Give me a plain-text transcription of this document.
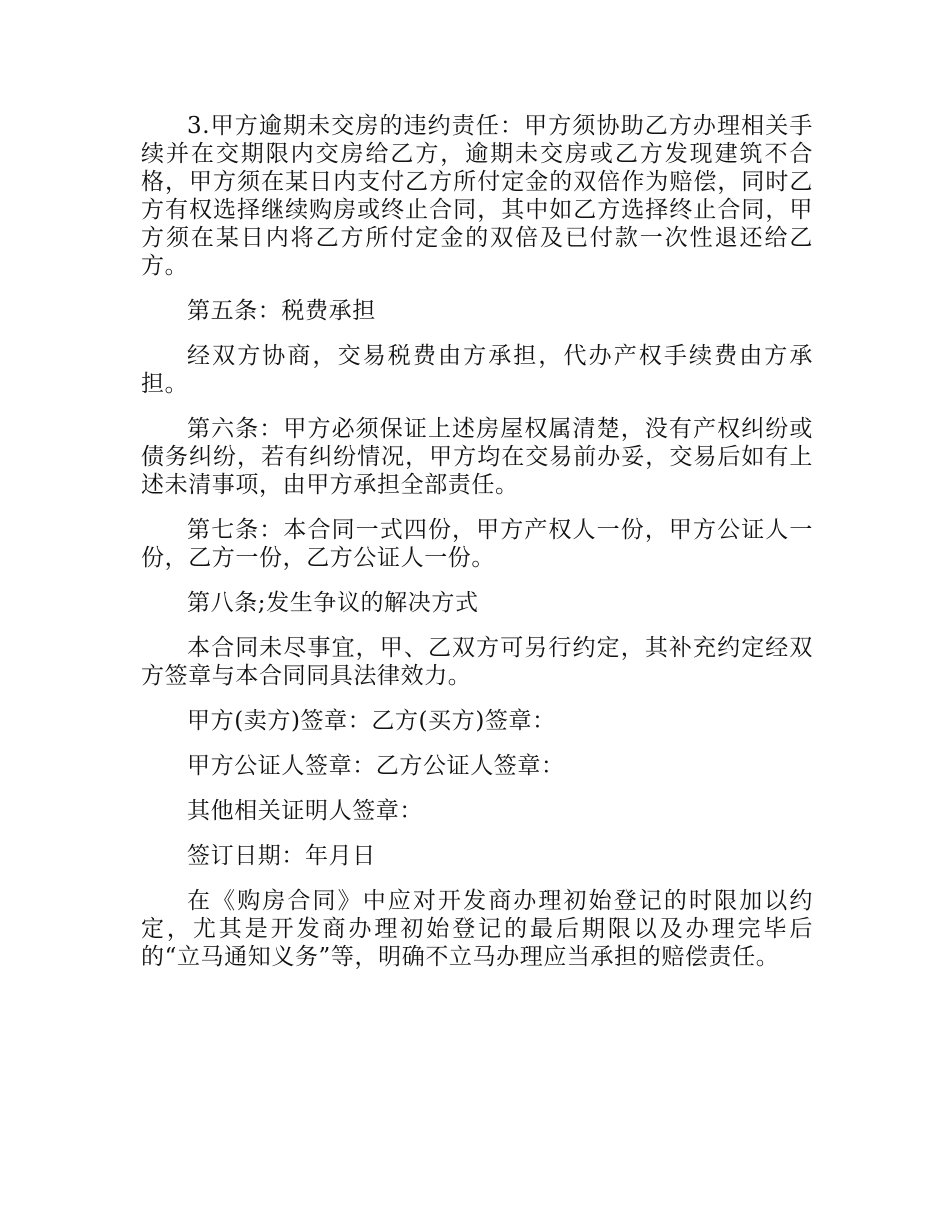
3.甲方逾期未交房的违约责任：甲方须协助乙方办理相关手续并在交期限内交房给乙方，逾期未交房或乙方发现建筑不合格，甲方须在某日内支付乙方所付定金的双倍作为赔偿，同时乙方有权选择继续购房或终止合同，其中如乙方选择终止合同，甲方须在某日内将乙方所付定金的双倍及已付款一次性退还给乙方。

第五条：税费承担

经双方协商，交易税费由方承担，代办产权手续费由方承担。

第六条：甲方必须保证上述房屋权属清楚，没有产权纠纷或债务纠纷，若有纠纷情况，甲方均在交易前办妥，交易后如有上述未清事项，由甲方承担全部责任。

第七条：本合同一式四份，甲方产权人一份，甲方公证人一份，乙方一份，乙方公证人一份。

第八条;发生争议的解决方式

本合同未尽事宜，甲、乙双方可另行约定，其补充约定经双方签章与本合同同具法律效力。

甲方(卖方)签章：乙方(买方)签章：

甲方公证人签章：乙方公证人签章：

其他相关证明人签章：

签订日期：年月日

在《购房合同》中应对开发商办理初始登记的时限加以约定，尤其是开发商办理初始登记的最后期限以及办理完毕后的“立马通知义务”等，明确不立马办理应当承担的赔偿责任。
